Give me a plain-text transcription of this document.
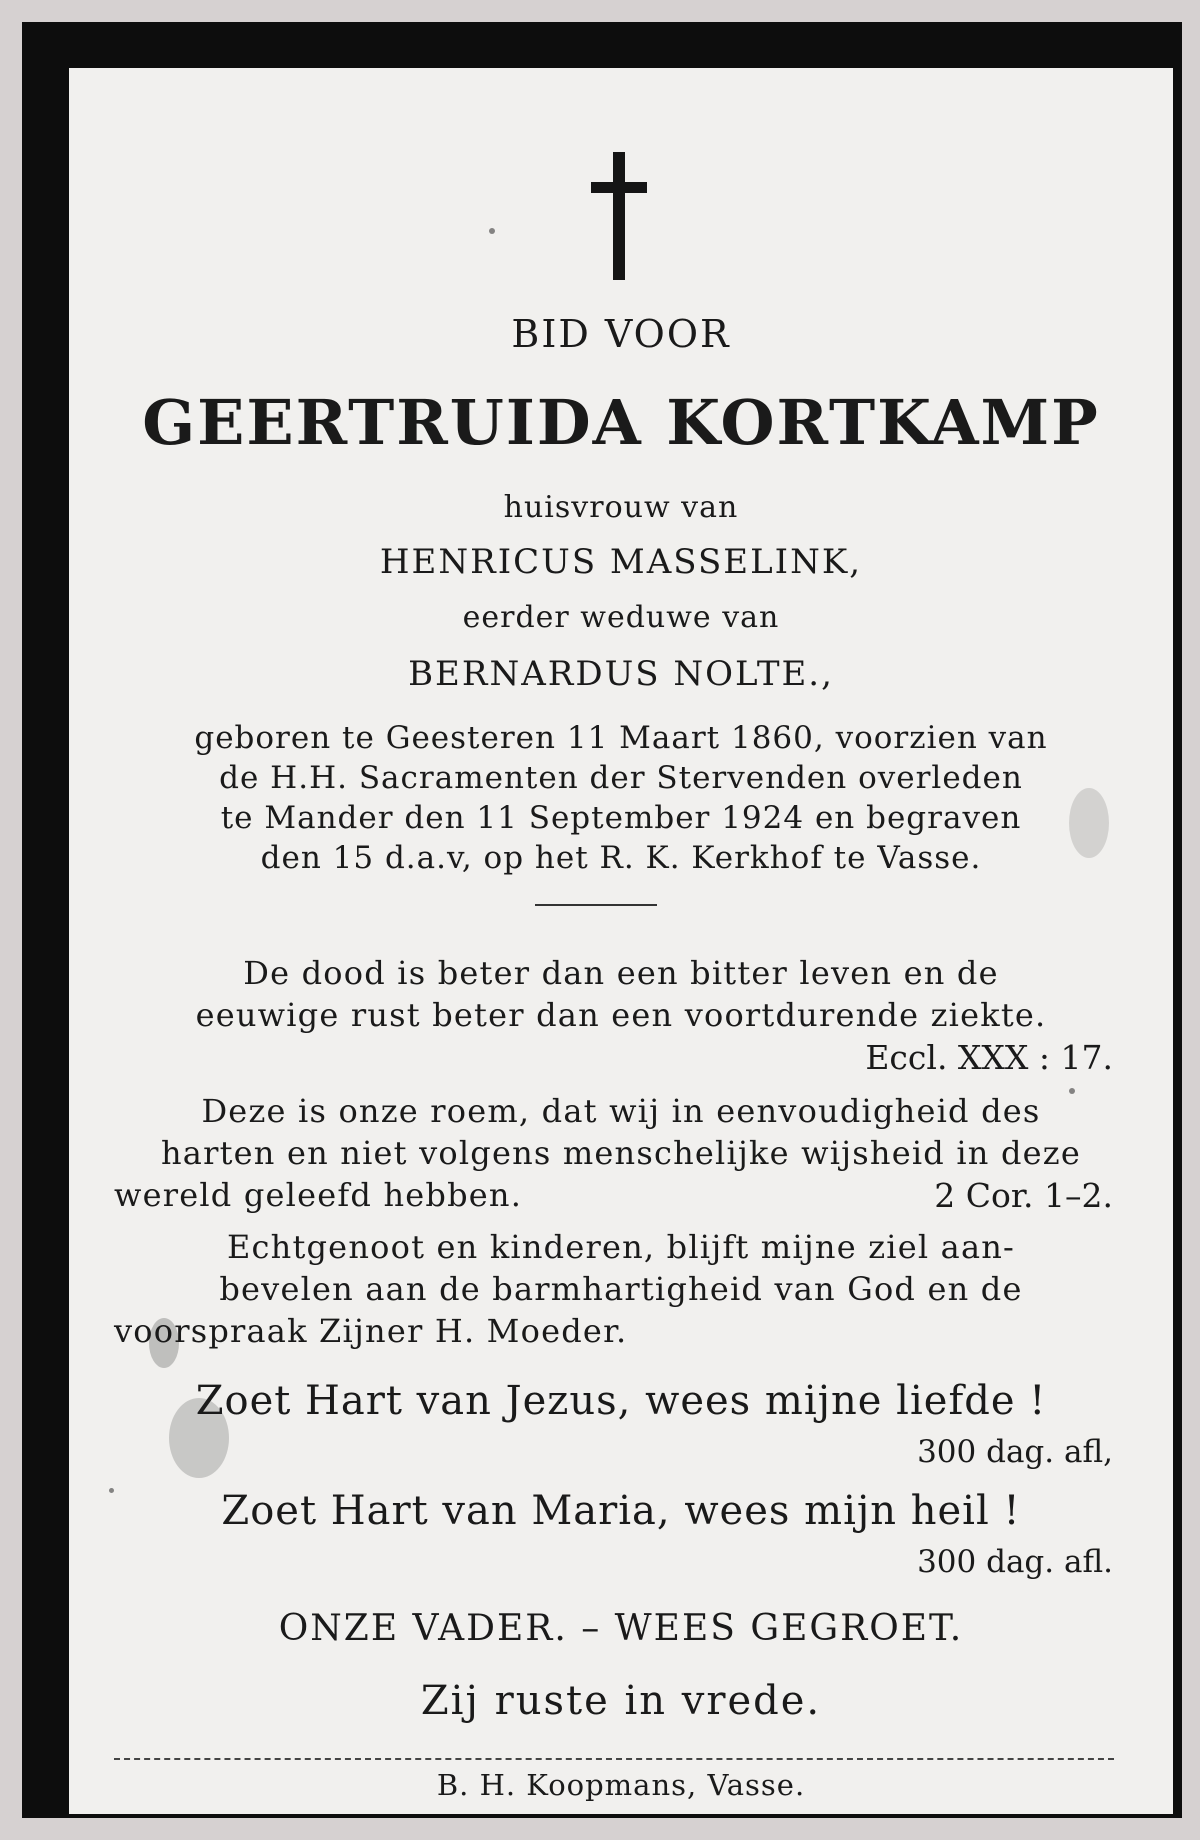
BID VOOR
GEERTRUIDA KORTKAMP
huisvrouw van
HENRICUS MASSELINK,
eerder weduwe van
BERNARDUS NOLTE.,
geboren te Geesteren 11 Maart 1860, voorzien van
de H.H. Sacramenten der Stervenden overleden
te Mander den 11 September 1924 en begraven
den 15 d.a.v, op het R. K. Kerkhof te Vasse.
De dood is beter dan een bitter leven en de
eeuwige rust beter dan een voortdurende ziekte.
Eccl. XXX : 17.
Deze is onze roem, dat wij in eenvoudigheid des
harten en niet volgens menschelijke wijsheid in deze
wereld geleefd hebben.	2 Cor. 1–2.
Echtgenoot en kinderen, blijft mijne ziel aan-
bevelen aan de barmhartigheid van God en de
voorspraak Zijner H. Moeder.
Zoet Hart van Jezus, wees mijne liefde !
300 dag. afl,
Zoet Hart van Maria, wees mijn heil !
300 dag. afl.
ONZE VADER. – WEES GEGROET.
Zij ruste in vrede.
B. H. Koopmans, Vasse.
